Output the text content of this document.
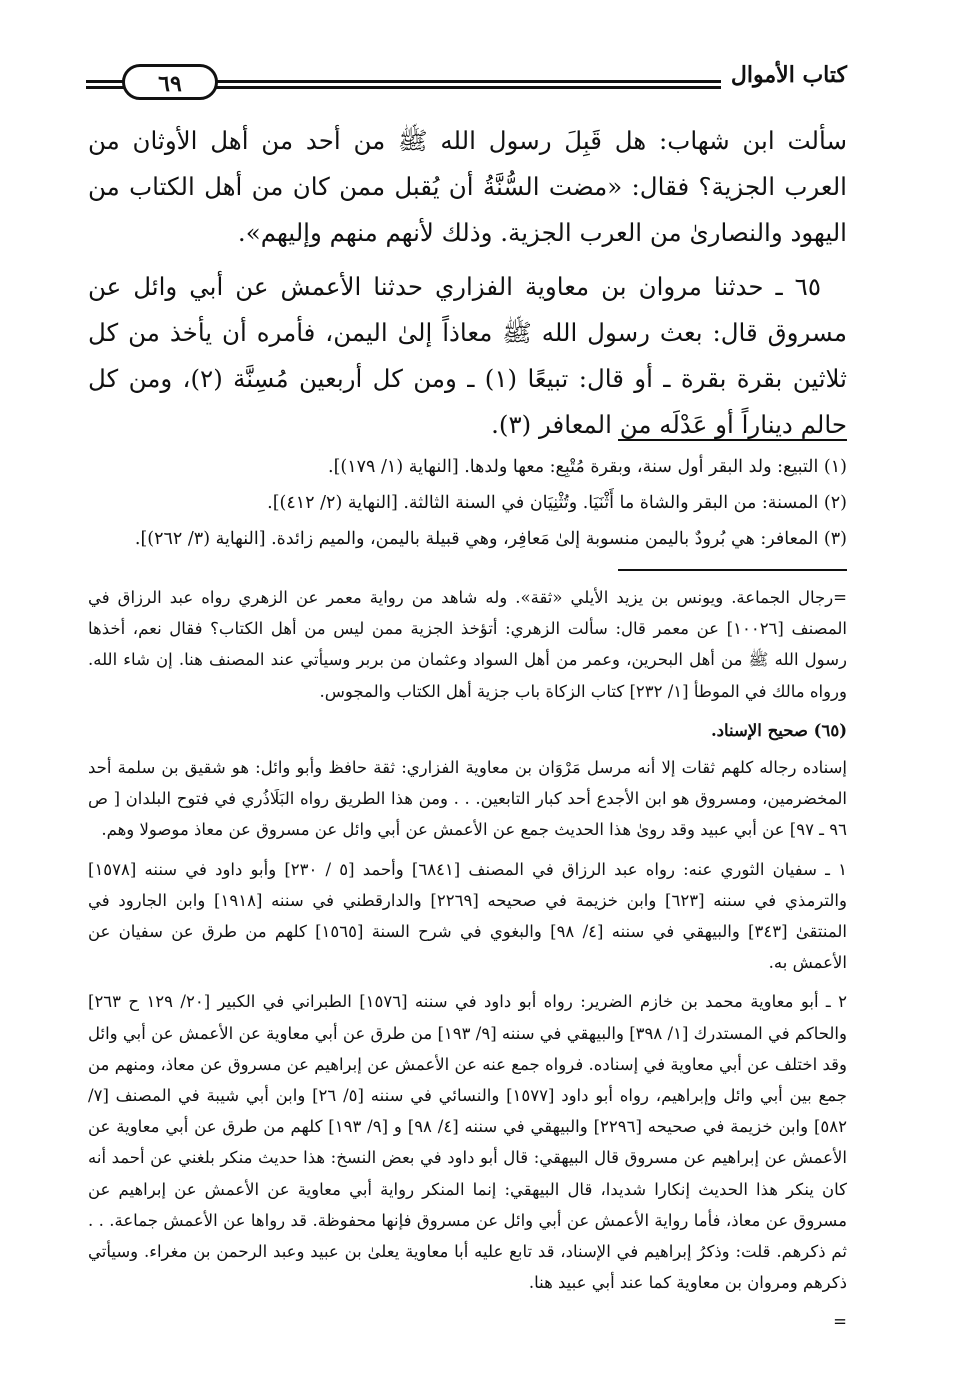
٦٩	كتاب الأموال

سألت ابن شهاب: هل قَبِلَ رسول الله ﷺ من أحد من أهل الأوثان من العرب الجزية؟ فقال: «مضت السُّنَّةُ أن يُقبل ممن كان من أهل الكتاب من اليهود والنصارىٰ من العرب الجزية. وذلك لأنهم منهم وإليهم».

٦٥ ـ حدثنا مروان بن معاوية الفزاري حدثنا الأعمش عن أبي وائل عن مسروق قال: بعث رسول الله ﷺ معاذاً إلىٰ اليمن، فأمره أن يأخذ من كل ثلاثين بقرة بقرة ـ أو قال: تبيعًا (١) ـ ومن كل أربعين مُسِنَّة (٢)، ومن كل حالم ديناراً أو عَدْلَه من المعافر (٣).

(١) التبيع: ولد البقر أول سنة، وبقرة مُتْبِع: معها ولدها. [النهاية (١/ ١٧٩)].
(٢) المسنة: من البقر والشاة ما أَثْنَيَا. وتُثْنِيَان في السنة الثالثة. [النهاية (٢/ ٤١٢)].
(٣) المعافر: هي بُرودٌ باليمن منسوبة إلىٰ مَعافِر، وهي قبيلة باليمن، والميم زائدة. [النهاية (٣/ ٢٦٢)].

=رجال الجماعة. ويونس بن يزيد الأيلي «ثقة». وله شاهد من رواية معمر عن الزهري رواه عبد الرزاق في المصنف [١٠٠٢٦] عن معمر قال: سألت الزهري: أتؤخذ الجزية ممن ليس من أهل الكتاب؟ فقال نعم، أخذها رسول الله ﷺ من أهل البحرين، وعمر من أهل السواد وعثمان من بربر وسيأتي عند المصنف هنا. إن شاء الله. ورواه مالك في الموطأ [١/ ٢٣٢] كتاب الزكاة باب جزية أهل الكتاب والمجوس.

(٦٥) صحيح الإسناد.

إسناده رجاله كلهم ثقات إلا أنه مرسل مَرْوَان بن معاوية الفزاري: ثقة حافظ وأبو وائل: هو شقيق بن سلمة أحد المخضرمين، ومسروق هو ابن الأجدع أحد كبار التابعين. . . ومن هذا الطريق رواه البَلَاذُري في فتوح البلدان [ ص ٩٦ ـ ٩٧] عن أبي عبيد وقد رویٰ هذا الحديث جمع عن الأعمش عن أبي وائل عن مسروق عن معاذ موصولا وهم.

١ ـ سفيان الثوري عنه: رواه عبد الرزاق في المصنف [٦٨٤١] وأحمد [٥ / ٢٣٠] وأبو داود في سننه [١٥٧٨] والترمذي في سننه [٦٢٣] وابن خزيمة في صحيحه [٢٢٦٩] والدارقطني في سننه [١٩١٨] وابن الجارود في المنتقیٰ [٣٤٣] والبيهقي في سننه [٤/ ٩٨] والبغوي في شرح السنة [١٥٦٥] كلهم من طرق عن سفيان عن الأعمش به.

٢ ـ أبو معاوية محمد بن خازم الضرير: رواه أبو داود في سننه [١٥٧٦] الطبراني في الكبير [٢٠/ ١٢٩ ح ٢٦٣] والحاكم في المستدرك [١/ ٣٩٨] والبيهقي في سننه [٩/ ١٩٣] من طرق عن أبي معاوية عن الأعمش عن أبي وائل وقد اختلف عن أبي معاوية في إسناده. فرواه جمع عنه عن الأعمش عن إبراهيم عن مسروق عن معاذ، ومنهم من جمع بين أبي وائل وإبراهيم، رواه أبو داود [١٥٧٧] والنسائي في سننه [٥/ ٢٦] وابن أبي شيبة في المصنف [٧/ ٥٨٢] وابن خزيمة في صحيحه [٢٢٩٦] والبيهقي في سننه [٤/ ٩٨] و [٩/ ١٩٣] كلهم من طرق عن أبي معاوية عن الأعمش عن إبراهيم عن مسروق قال البيهقي: قال أبو داود في بعض النسخ: هذا حديث منكر بلغني عن أحمد أنه كان ينكر هذا الحديث إنكارا شديدا، قال البيهقي: إنما المنكر رواية أبي معاوية عن الأعمش عن إبراهيم عن مسروق عن معاذ، فأما رواية الأعمش عن أبي وائل عن مسروق فإنها محفوظة. قد رواها عن الأعمش جماعة. . . ثم ذكرهم. قلت: وذكرُ إبراهيم في الإسناد، قد تابع عليه أبا معاوية يعلىٰ بن عبيد وعبد الرحمن بن مغراء. وسيأتي ذكرهم ومروان بن معاوية كما عند أبي عبيد هنا.

=
